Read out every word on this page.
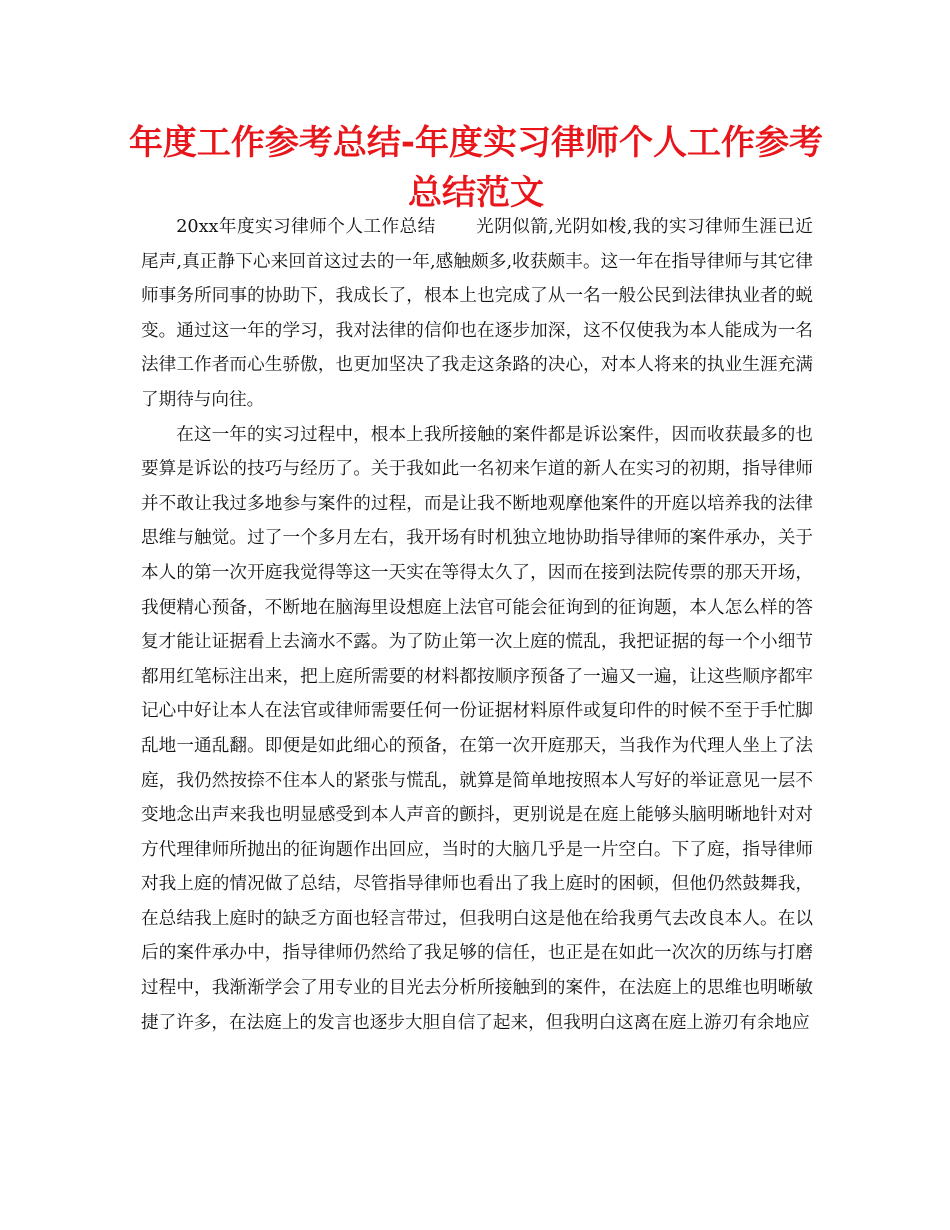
年度工作参考总结-年度实习律师个人工作参考总结范文

20xx年度实习律师个人工作总结 光阴似箭,光阴如梭,我的实习律师生涯已近尾声,真正静下心来回首这过去的一年,感触颇多,收获颇丰。这一年在指导律师与其它律师事务所同事的协助下，我成长了，根本上也完成了从一名一般公民到法律执业者的蜕变。通过这一年的学习，我对法律的信仰也在逐步加深，这不仅使我为本人能成为一名法律工作者而心生骄傲，也更加坚决了我走这条路的决心，对本人将来的执业生涯充满了期待与向往。

在这一年的实习过程中，根本上我所接触的案件都是诉讼案件，因而收获最多的也要算是诉讼的技巧与经历了。关于我如此一名初来乍道的新人在实习的初期，指导律师并不敢让我过多地参与案件的过程，而是让我不断地观摩他案件的开庭以培养我的法律思维与触觉。过了一个多月左右，我开场有时机独立地协助指导律师的案件承办，关于本人的第一次开庭我觉得等这一天实在等得太久了，因而在接到法院传票的那天开场，我便精心预备，不断地在脑海里设想庭上法官可能会征询到的征询题，本人怎么样的答复才能让证据看上去滴水不露。为了防止第一次上庭的慌乱，我把证据的每一个小细节都用红笔标注出来，把上庭所需要的材料都按顺序预备了一遍又一遍，让这些顺序都牢记心中好让本人在法官或律师需要任何一份证据材料原件或复印件的时候不至于手忙脚乱地一通乱翻。即便是如此细心的预备，在第一次开庭那天，当我作为代理人坐上了法庭，我仍然按捺不住本人的紧张与慌乱，就算是简单地按照本人写好的举证意见一层不变地念出声来我也明显感受到本人声音的颤抖，更别说是在庭上能够头脑明晰地针对对方代理律师所抛出的征询题作出回应，当时的大脑几乎是一片空白。下了庭，指导律师对我上庭的情况做了总结，尽管指导律师也看出了我上庭时的困顿，但他仍然鼓舞我，在总结我上庭时的缺乏方面也轻言带过，但我明白这是他在给我勇气去改良本人。在以后的案件承办中，指导律师仍然给了我足够的信任，也正是在如此一次次的历练与打磨过程中，我渐渐学会了用专业的目光去分析所接触到的案件，在法庭上的思维也明晰敏捷了许多，在法庭上的发言也逐步大胆自信了起来，但我明白这离在庭上游刃有余地应
